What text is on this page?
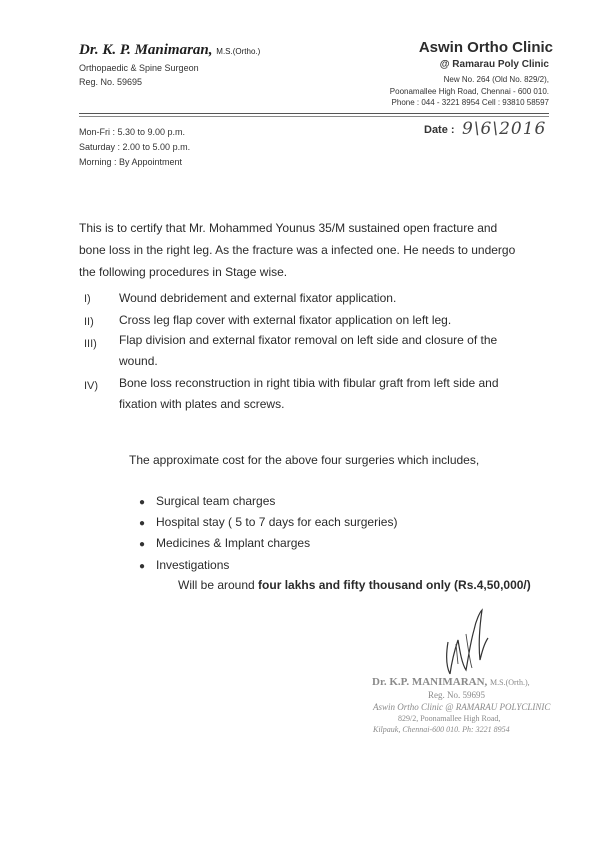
Dr. K. P. Manimaran, M.S.(Ortho.)
Orthopaedic & Spine Surgeon
Reg. No. 59695
Aswin Ortho Clinic
@ Ramarau Poly Clinic
New No. 264 (Old No. 829/2),
Poonamallee High Road, Chennai - 600 010.
Phone : 044 - 3221 8954 Cell : 93810 58597
Mon-Fri : 5.30 to 9.00 p.m.
Saturday : 2.00 to 5.00 p.m.
Morning : By Appointment
Date : 9\6\2016
This is to certify that Mr. Mohammed Younus 35/M sustained open fracture and
bone loss in the right leg. As the fracture was a infected one. He needs to undergo
the following procedures in Stage wise.
I) Wound debridement and external fixator application.
II) Cross leg flap cover with external fixator application on left leg.
III) Flap division and external fixator removal on left side and closure of the
wound.
IV) Bone loss reconstruction in right tibia with fibular graft from left side and
fixation with plates and screws.
The approximate cost for the above four surgeries which includes,
● Surgical team charges
● Hospital stay ( 5 to 7 days for each surgeries)
● Medicines & Implant charges
● Investigations
Will be around four lakhs and fifty thousand only (Rs.4,50,000/)
Dr. K.P. MANIMARAN, M.S.(Orth.),
Reg. No. 59695
Aswin Ortho Clinic @ RAMARAU POLYCLINIC
829/2, Poonamallee High Road,
Kilpauk, Chennai-600 010. Ph: 3221 8954
